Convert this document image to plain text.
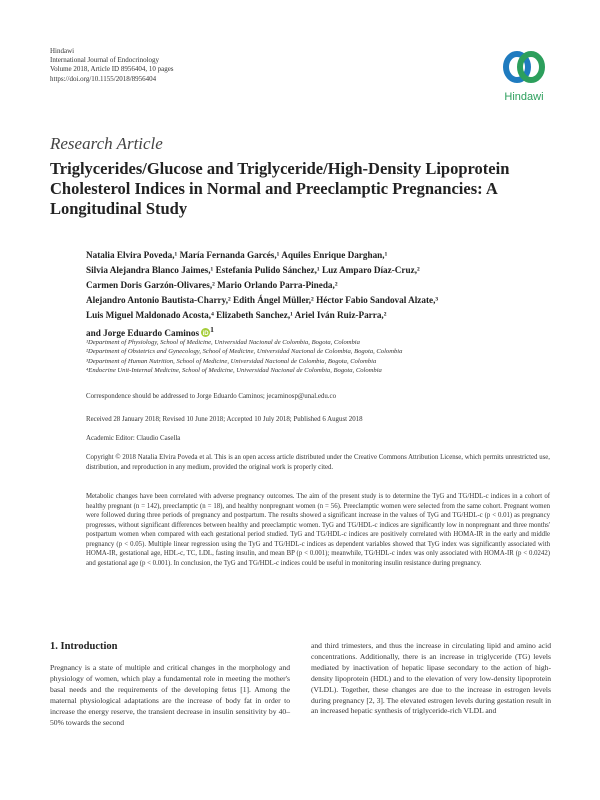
Hindawi
International Journal of Endocrinology
Volume 2018, Article ID 8956404, 10 pages
https://doi.org/10.1155/2018/8956404
Hindawi
Research Article
Triglycerides/Glucose and Triglyceride/High-Density Lipoprotein Cholesterol Indices in Normal and Preeclamptic Pregnancies: A Longitudinal Study
Natalia Elvira Poveda,¹ María Fernanda Garcés,¹ Aquiles Enrique Darghan,¹
Silvia Alejandra Blanco Jaimes,¹ Estefania Pulido Sánchez,¹ Luz Amparo Díaz-Cruz,²
Carmen Doris Garzón-Olivares,² Mario Orlando Parra-Pineda,²
Alejandro Antonio Bautista-Charry,² Edith Ángel Müller,² Héctor Fabio Sandoval Alzate,³
Luis Miguel Maldonado Acosta,⁴ Elizabeth Sanchez,¹ Ariel Iván Ruiz-Parra,²
and Jorge Eduardo Caminos iD
$^1$
¹Department of Physiology, School of Medicine, Universidad Nacional de Colombia, Bogota, Colombia
²Department of Obstetrics and Gynecology, School of Medicine, Universidad Nacional de Colombia, Bogota, Colombia
³Department of Human Nutrition, School of Medicine, Universidad Nacional de Colombia, Bogota, Colombia
⁴Endocrine Unit-Internal Medicine, School of Medicine, Universidad Nacional de Colombia, Bogota, Colombia
Correspondence should be addressed to Jorge Eduardo Caminos; jecaminosp@unal.edu.co
Received 28 January 2018; Revised 10 June 2018; Accepted 10 July 2018; Published 6 August 2018
Academic Editor: Claudio Casella
Copyright © 2018 Natalia Elvira Poveda et al. This is an open access article distributed under the Creative Commons Attribution License, which permits unrestricted use, distribution, and reproduction in any medium, provided the original work is properly cited.
Metabolic changes have been correlated with adverse pregnancy outcomes. The aim of the present study is to determine the TyG and TG/HDL-c indices in a cohort of healthy pregnant (n = 142), preeclamptic (n = 18), and healthy nonpregnant women (n = 56). Preeclamptic women were selected from the same cohort. Pregnant women were followed during three periods of pregnancy and postpartum. The results showed a significant increase in the values of TyG and TG/HDL-c (p < 0.01) as pregnancy progresses, without significant differences between healthy and preeclamptic women. TyG and TG/HDL-c indices are significantly low in nonpregnant and three months' postpartum women when compared with each gestational period studied. TyG and TG/HDL-c indices are positively correlated with HOMA-IR in the early and middle pregnancy (p < 0.05). Multiple linear regression using the TyG and TG/HDL-c indices as dependent variables showed that TyG index was significantly associated with HOMA-IR, gestational age, HDL-c, TC, LDL, fasting insulin, and mean BP (p < 0.001); meanwhile, TG/HDL-c index was only associated with HOMA-IR (p < 0.0242) and gestational age (p < 0.001). In conclusion, the TyG and TG/HDL-c indices could be useful in monitoring insulin resistance during pregnancy.
1. Introduction

Pregnancy is a state of multiple and critical changes in the morphology and physiology of women, which play a fundamental role in meeting the mother's basal needs and the requirements of the developing fetus [1]. Among the maternal physiological adaptations are the increase of body fat in order to increase the energy reserve, the transient decrease in insulin sensitivity by 40–50% towards the second

and third trimesters, and thus the increase in circulating lipid and amino acid concentrations. Additionally, there is an increase in triglyceride (TG) levels mediated by inactivation of hepatic lipase secondary to the action of high-density lipoprotein (HDL) and to the elevation of very low-density lipoprotein (VLDL). Together, these changes are due to the increase in estrogen levels during pregnancy [2, 3]. The elevated estrogen levels during gestation result in an increased hepatic synthesis of triglyceride-rich VLDL and
